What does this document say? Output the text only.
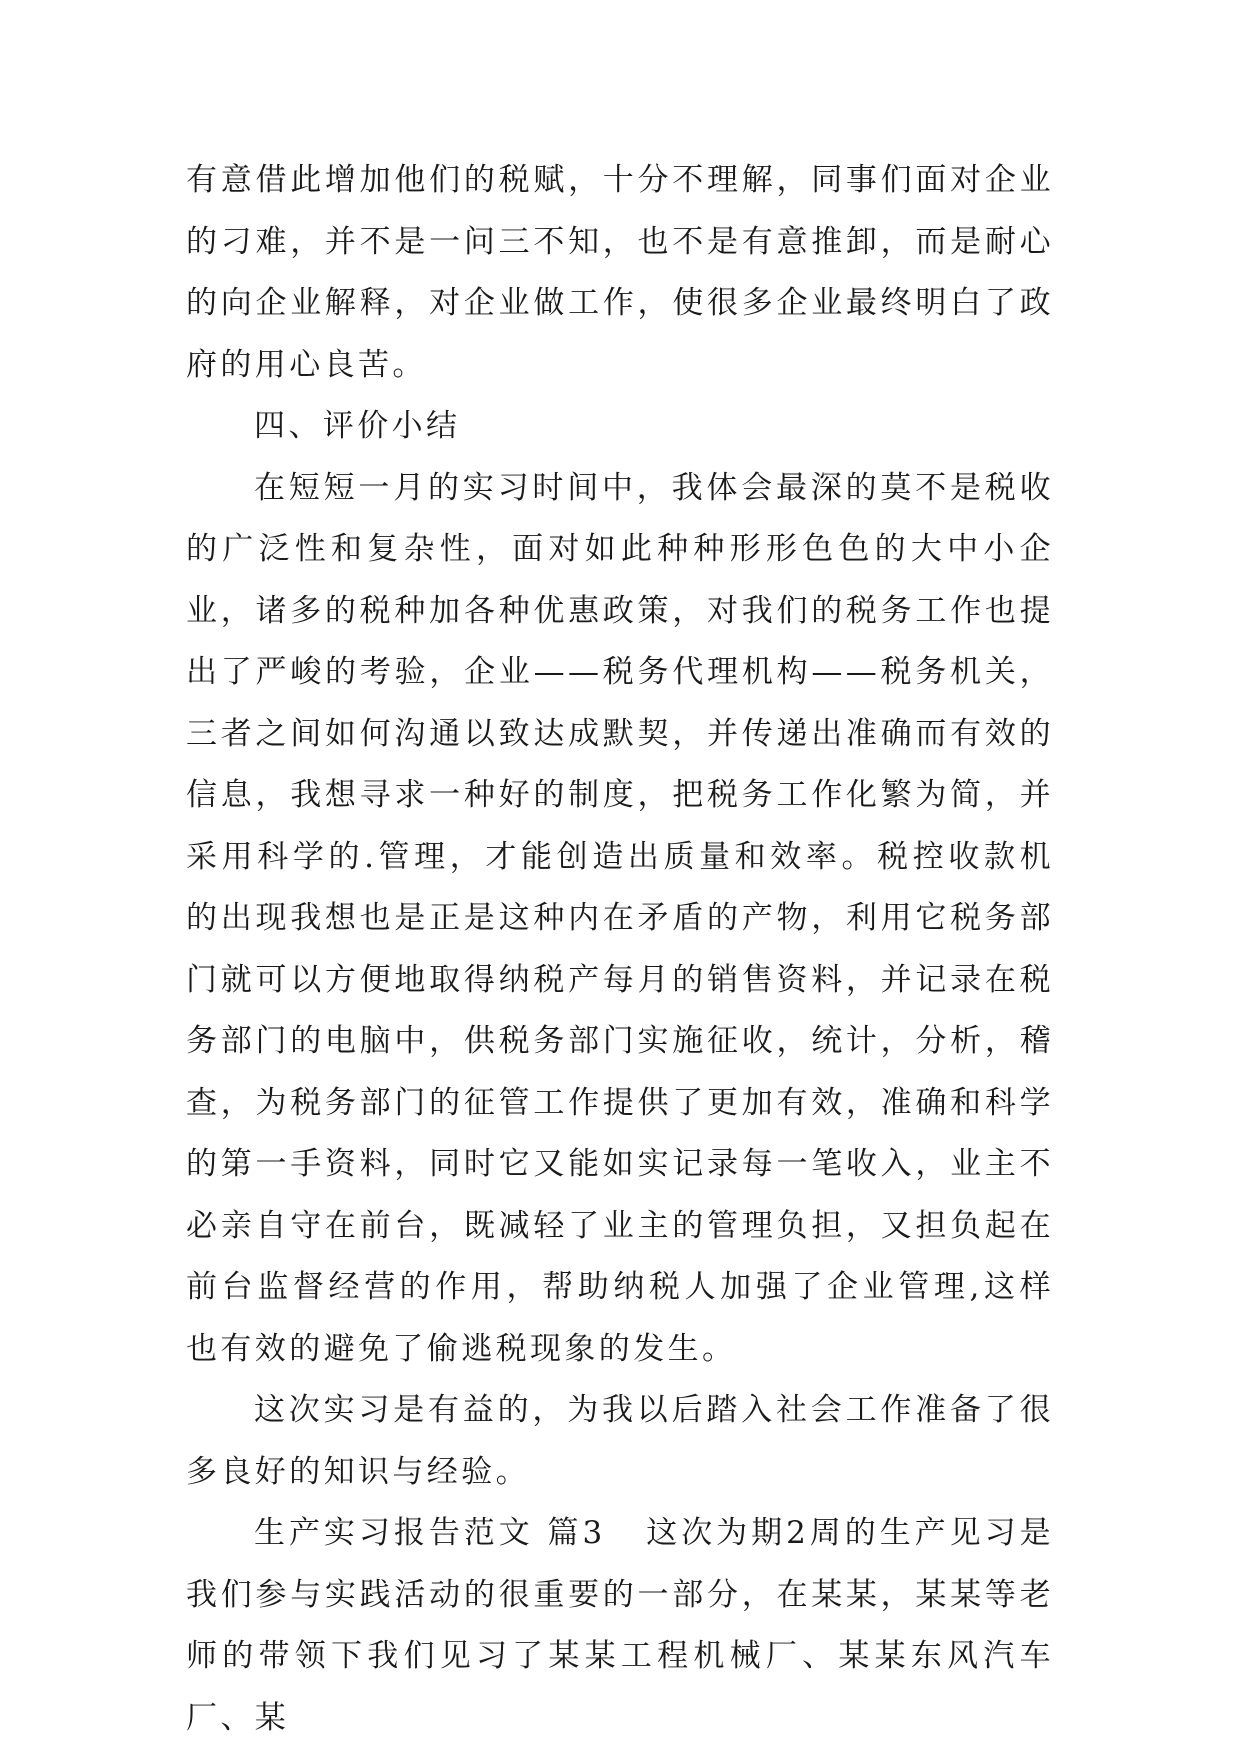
有意借此增加他们的税赋，十分不理解，同事们面对企业的刁难，并不是一问三不知，也不是有意推卸，而是耐心的向企业解释，对企业做工作，使很多企业最终明白了政府的用心良苦。

四、评价小结

在短短一月的实习时间中，我体会最深的莫不是税收的广泛性和复杂性，面对如此种种形形色色的大中小企业，诸多的税种加各种优惠政策，对我们的税务工作也提出了严峻的考验，企业——税务代理机构——税务机关，三者之间如何沟通以致达成默契，并传递出准确而有效的信息，我想寻求一种好的制度，把税务工作化繁为简，并采用科学的.管理，才能创造出质量和效率。税控收款机的出现我想也是正是这种内在矛盾的产物，利用它税务部门就可以方便地取得纳税产每月的销售资料，并记录在税务部门的电脑中，供税务部门实施征收，统计，分析，稽查，为税务部门的征管工作提供了更加有效，准确和科学的第一手资料，同时它又能如实记录每一笔收入，业主不必亲自守在前台，既减轻了业主的管理负担，又担负起在前台监督经营的作用，帮助纳税人加强了企业管理,这样也有效的避免了偷逃税现象的发生。

这次实习是有益的，为我以后踏入社会工作准备了很多良好的知识与经验。

生产实习报告范文 篇3 这次为期2周的生产见习是我们参与实践活动的很重要的一部分，在某某，某某等老师的带领下我们见习了某某工程机械厂、某某东风汽车厂、某
